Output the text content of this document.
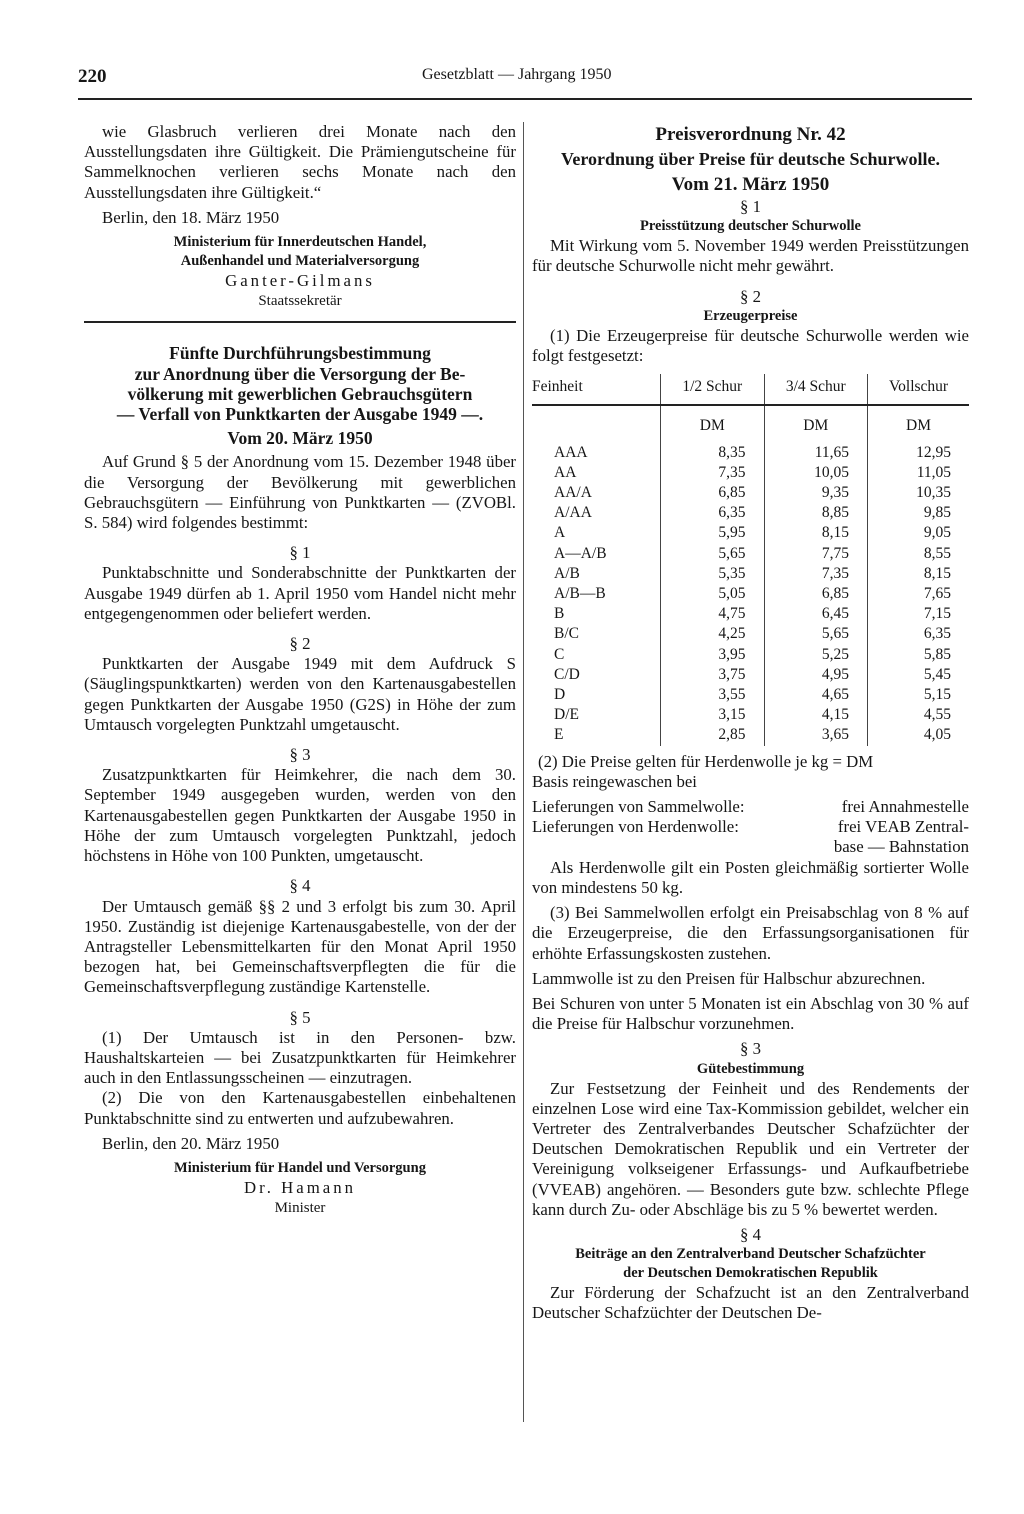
220	Gesetzblatt — Jahrgang 1950

wie Glasbruch verlieren drei Monate nach den Ausstellungsdaten ihre Gültigkeit. Die Prämiengutscheine für Sammelknochen verlieren sechs Monate nach den Ausstellungsdaten ihre Gültigkeit.“

Berlin, den 18. März 1950

Ministerium für Innerdeutschen Handel,

Außenhandel und Materialversorgung

Ganter-Gilmans

Staatssekretär

Fünfte Durchführungsbestimmung

zur Anordnung über die Versorgung der Be-

völkerung mit gewerblichen Gebrauchsgütern

— Verfall von Punktkarten der Ausgabe 1949 —.

Vom 20. März 1950

Auf Grund § 5 der Anordnung vom 15. Dezember 1948 über die Versorgung der Bevölkerung mit gewerblichen Gebrauchsgütern — Einführung von Punktkarten — (ZVOBl. S. 584) wird folgendes bestimmt:

§ 1

Punktabschnitte und Sonderabschnitte der Punktkarten der Ausgabe 1949 dürfen ab 1. April 1950 vom Handel nicht mehr entgegengenommen oder beliefert werden.

§ 2

Punktkarten der Ausgabe 1949 mit dem Aufdruck S (Säuglingspunktkarten) werden von den Kartenausgabestellen gegen Punktkarten der Ausgabe 1950 (G2S) in Höhe der zum Umtausch vorgelegten Punktzahl umgetauscht.

§ 3

Zusatzpunktkarten für Heimkehrer, die nach dem 30. September 1949 ausgegeben wurden, werden von den Kartenausgabestellen gegen Punktkarten der Ausgabe 1950 in Höhe der zum Umtausch vorgelegten Punktzahl, jedoch höchstens in Höhe von 100 Punkten, umgetauscht.

§ 4

Der Umtausch gemäß §§ 2 und 3 erfolgt bis zum 30. April 1950. Zuständig ist diejenige Kartenausgabestelle, von der der Antragsteller Lebensmittelkarten für den Monat April 1950 bezogen hat, bei Gemeinschaftsverpflegten die für die Gemeinschaftsverpflegung zuständige Kartenstelle.

§ 5

(1) Der Umtausch ist in den Personen- bzw. Haushaltskarteien — bei Zusatzpunktkarten für Heimkehrer auch in den Entlassungsscheinen — einzutragen.

(2) Die von den Kartenausgabestellen einbehaltenen Punktabschnitte sind zu entwerten und aufzubewahren.

Berlin, den 20. März 1950

Ministerium für Handel und Versorgung

Dr. Hamann

Minister

Preisverordnung Nr. 42

Verordnung über Preise für deutsche Schurwolle.

Vom 21. März 1950

§ 1

Preisstützung deutscher Schurwolle

Mit Wirkung vom 5. November 1949 werden Preisstützungen für deutsche Schurwolle nicht mehr gewährt.

§ 2

Erzeugerpreise

(1) Die Erzeugerpreise für deutsche Schurwolle werden wie folgt festgesetzt:

Feinheit	1/2 Schur	3/4 Schur	Vollschur
	DM	DM	DM
AAA	8,35	11,65	12,95
AA	7,35	10,05	11,05
AA/A	6,85	9,35	10,35
A/AA	6,35	8,85	9,85
A	5,95	8,15	9,05
A—A/B	5,65	7,75	8,55
A/B	5,35	7,35	8,15
A/B—B	5,05	6,85	7,65
B	4,75	6,45	7,15
B/C	4,25	5,65	6,35
C	3,95	5,25	5,85
C/D	3,75	4,95	5,45
D	3,55	4,65	5,15
D/E	3,15	4,15	4,55
E	2,85	3,65	4,05

(2) Die Preise gelten für Herdenwolle je kg = DM

Basis reingewaschen bei

Lieferungen von Sammelwolle:	frei Annahmestelle

Lieferungen von Herdenwolle:	frei VEAB Zentral-

base — Bahnstation

Als Herdenwolle gilt ein Posten gleichmäßig sortierter Wolle von mindestens 50 kg.

(3) Bei Sammelwollen erfolgt ein Preisabschlag von 8 % auf die Erzeugerpreise, die den Erfassungsorganisationen für erhöhte Erfassungskosten zustehen.

Lammwolle ist zu den Preisen für Halbschur abzurechnen.

Bei Schuren von unter 5 Monaten ist ein Abschlag von 30 % auf die Preise für Halbschur vorzunehmen.

§ 3

Gütebestimmung

Zur Festsetzung der Feinheit und des Rendements der einzelnen Lose wird eine Tax-Kommission gebildet, welcher ein Vertreter des Zentralverbandes Deutscher Schafzüchter der Deutschen Demokratischen Republik und ein Vertreter der Vereinigung volkseigener Erfassungs- und Aufkaufbetriebe (VVEAB) angehören. — Besonders gute bzw. schlechte Pflege kann durch Zu- oder Abschläge bis zu 5 % bewertet werden.

§ 4

Beiträge an den Zentralverband Deutscher Schafzüchter

der Deutschen Demokratischen Republik

Zur Förderung der Schafzucht ist an den Zentralverband Deutscher Schafzüchter der Deutschen De-
